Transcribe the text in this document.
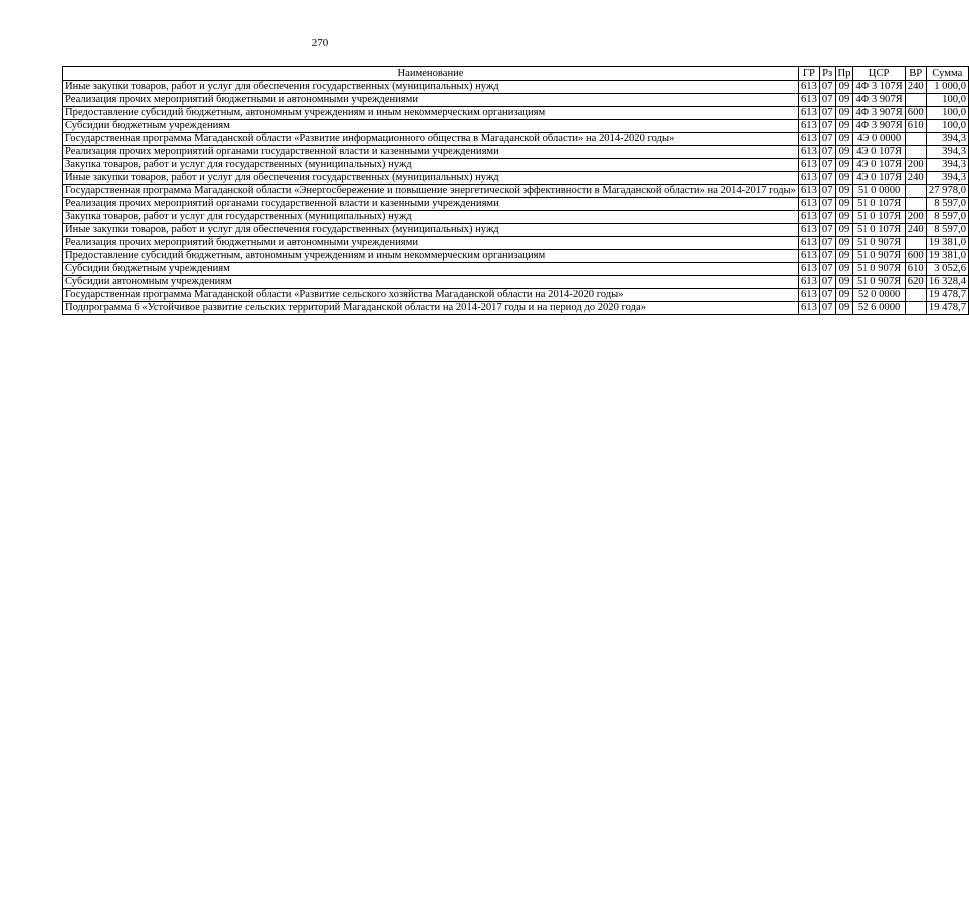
270
Наименование	ГР	Рз	Пр	ЦСР	ВР	Сумма
Иные закупки товаров, работ и услуг для обеспечения государственных (муниципальных) нужд	613	07	09	4Ф 3 107Я	240	1 000,0
Реализация прочих мероприятий бюджетными и автономными учреждениями	613	07	09	4Ф 3 907Я		100,0
Предоставление субсидий бюджетным, автономным учреждениям и иным некоммерческим организациям	613	07	09	4Ф 3 907Я	600	100,0
Субсидии бюджетным учреждениям	613	07	09	4Ф 3 907Я	610	100,0
Государственная программа Магаданской области «Развитие информационного общества в Магаданской области» на 2014-2020 годы»	613	07	09	4Э 0 0000		394,3
Реализация прочих мероприятий органами государственной власти и казенными учреждениями	613	07	09	4Э 0 107Я		394,3
Закупка товаров, работ и услуг для государственных (муниципальных) нужд	613	07	09	4Э 0 107Я	200	394,3
Иные закупки товаров, работ и услуг для обеспечения государственных (муниципальных) нужд	613	07	09	4Э 0 107Я	240	394,3
Государственная программа Магаданской области «Энергосбережение и повышение энергетической эффективности в Магаданской области» на 2014-2017 годы»	613	07	09	51 0 0000		27 978,0
Реализация прочих мероприятий органами государственной власти и казенными учреждениями	613	07	09	51 0 107Я		8 597,0
Закупка товаров, работ и услуг для государственных (муниципальных) нужд	613	07	09	51 0 107Я	200	8 597,0
Иные закупки товаров, работ и услуг для обеспечения государственных (муниципальных) нужд	613	07	09	51 0 107Я	240	8 597,0
Реализация прочих мероприятий бюджетными и автономными учреждениями	613	07	09	51 0 907Я		19 381,0
Предоставление субсидий бюджетным, автономным учреждениям и иным некоммерческим организациям	613	07	09	51 0 907Я	600	19 381,0
Субсидии бюджетным учреждениям	613	07	09	51 0 907Я	610	3 052,6
Субсидии автономным учреждениям	613	07	09	51 0 907Я	620	16 328,4
Государственная программа Магаданской области «Развитие сельского хозяйства Магаданской области на 2014-2020 годы»	613	07	09	52 0 0000		19 478,7
Подпрограмма 6 «Устойчивое развитие сельских территорий Магаданской области на 2014-2017 годы и на период до 2020 года»	613	07	09	52 6 0000		19 478,7
